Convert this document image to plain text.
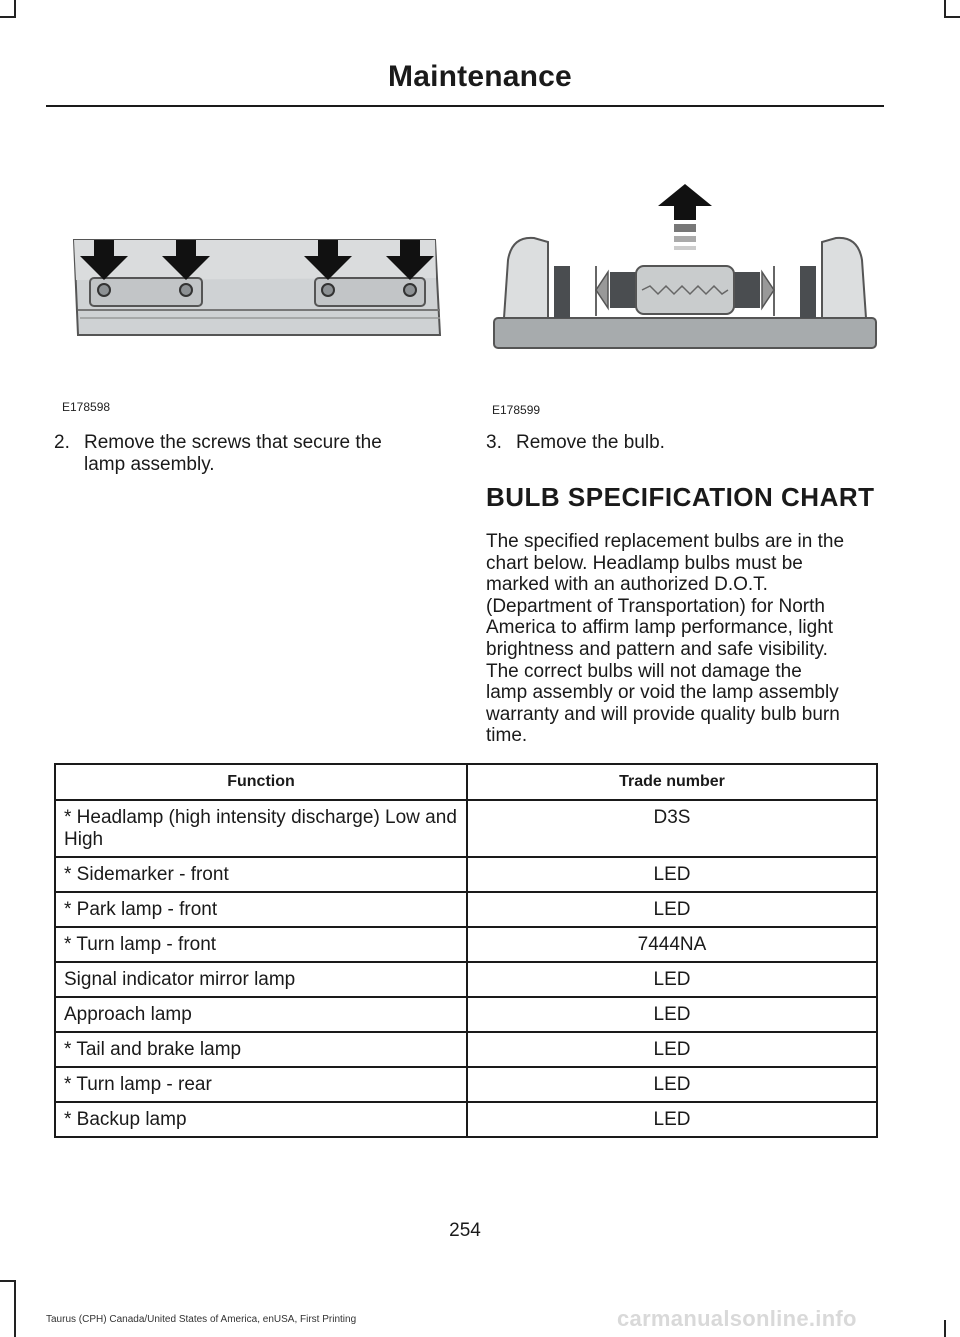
Maintenance
E178598	E178599
2. Remove the screws that secure the
lamp assembly.
3. Remove the bulb.
BULB SPECIFICATION CHART
The specified replacement bulbs are in the
chart below. Headlamp bulbs must be
marked with an authorized D.O.T.
(Department of Transportation) for North
America to affirm lamp performance, light
brightness and pattern and safe visibility.
The correct bulbs will not damage the
lamp assembly or void the lamp assembly
warranty and will provide quality bulb burn
time.
Function	Trade number
* Headlamp (high intensity discharge) Low and High	D3S
* Sidemarker - front	LED
* Park lamp - front	LED
* Turn lamp - front	7444NA
Signal indicator mirror lamp	LED
Approach lamp	LED
* Tail and brake lamp	LED
* Turn lamp - rear	LED
* Backup lamp	LED
254
Taurus (CPH) Canada/United States of America, enUSA, First Printing	carmanualsonline.info
